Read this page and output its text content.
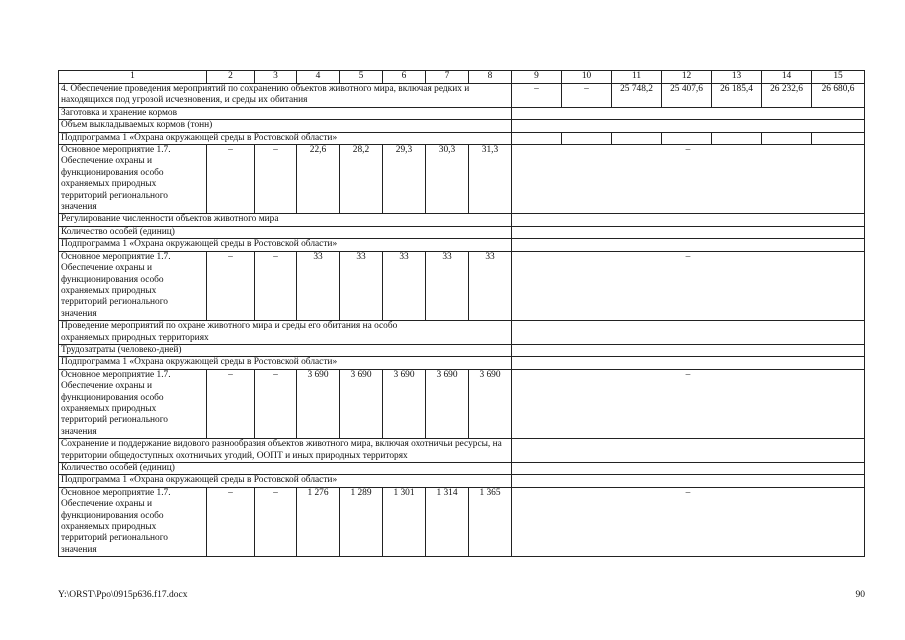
1	2	3	4	5	6	7	8	9	10	11	12	13	14	15
4. Обеспечение проведения мероприятий по сохранению объектов животного мира, включая редких и находящихся под угрозой исчезновения, и среды их обитания								–	–	25 748,2	25 407,6	26 185,4	26 232,6	26 680,6
Заготовка и хранение кормов														
Объем выкладываемых кормов (тонн)														
Подпрограмма 1 «Охрана окружающей среды в Ростовской области»														
Основное мероприятие 1.7. Обеспечение охраны и функционирования особо охраняемых природных территорий регионального значения	–	–	22,6	28,2	29,3	30,3	31,3	–						
Регулирование численности объектов животного мира														
Количество особей (единиц)														
Подпрограмма 1 «Охрана окружающей среды в Ростовской области»														
Основное мероприятие 1.7. Обеспечение охраны и функционирования особо охраняемых природных территорий регионального значения	–	–	33	33	33	33	33	–						
Проведение мероприятий по охране животного мира и среды его обитания на особо охраняемых природных территориях														
Трудозатраты (человеко-дней)														
Подпрограмма 1 «Охрана окружающей среды в Ростовской области»														
Основное мероприятие 1.7. Обеспечение охраны и функционирования особо охраняемых природных территорий регионального значения	–	–	3 690	3 690	3 690	3 690	3 690	–						
Сохранение и поддержание видового разнообразия объектов животного мира, включая охотничьи ресурсы, на территории общедоступных охотничьих угодий, ООПТ и иных природных территорях														
Количество особей (единиц)														
Подпрограмма 1 «Охрана окружающей среды в Ростовской области»														
Основное мероприятие 1.7. Обеспечение охраны и функционирования особо охраняемых природных территорий регионального значения	–	–	1 276	1 289	1 301	1 314	1 365	–						
Y:\ORST\Ppo\0915p636.f17.docx	90
